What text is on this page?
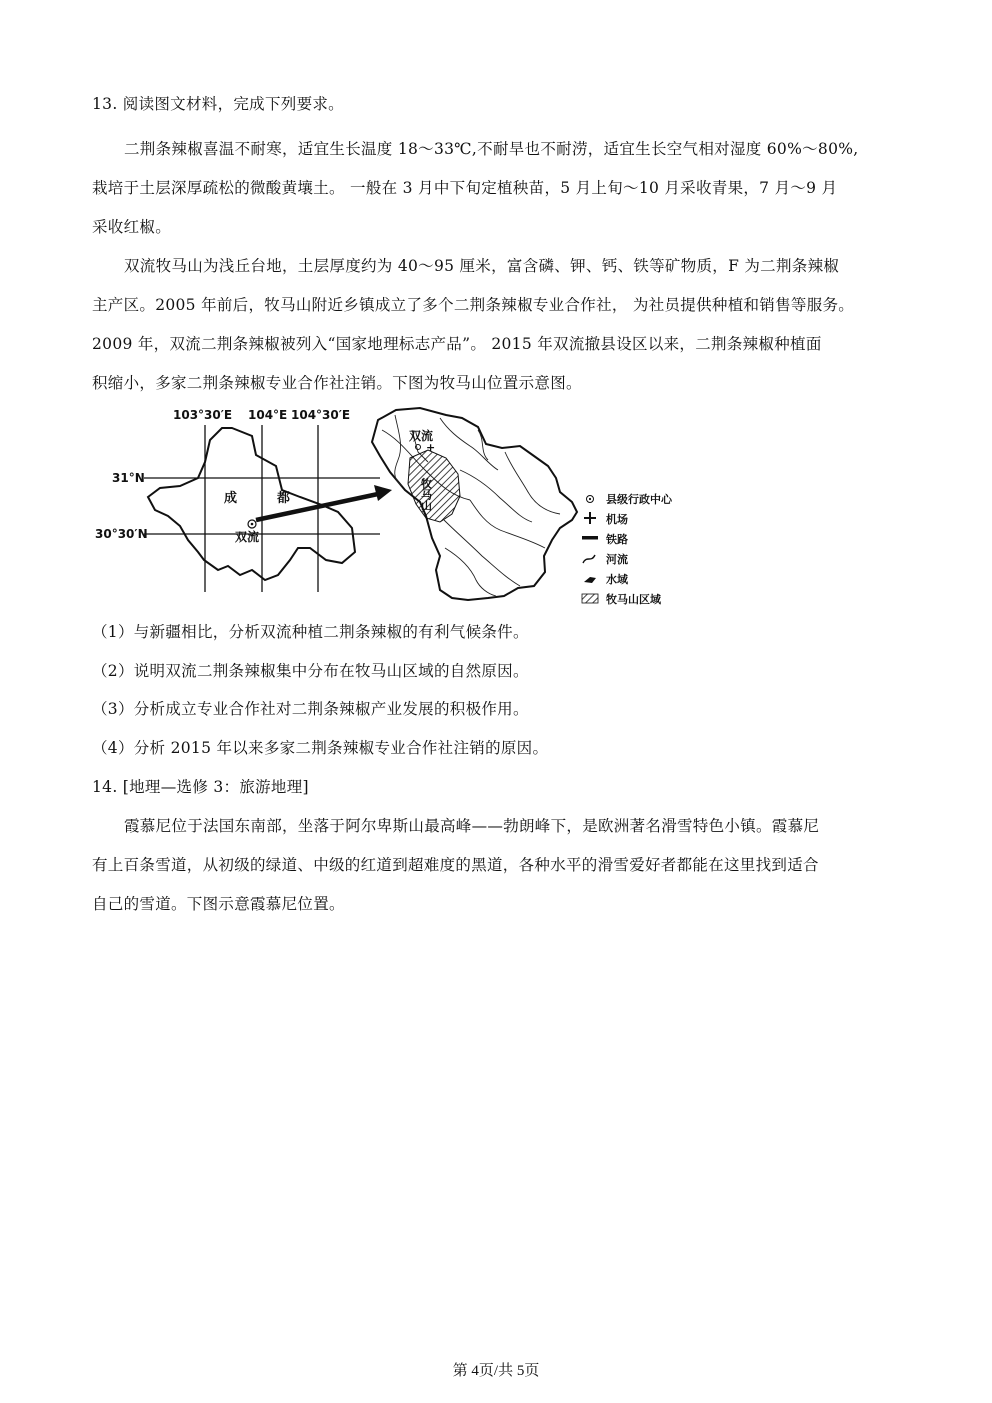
13. 阅读图文材料，完成下列要求。
二荆条辣椒喜温不耐寒，适宜生长温度 18～33℃,不耐旱也不耐涝，适宜生长空气相对湿度 60%～80%,
栽培于土层深厚疏松的微酸黄壤土。 一般在 3 月中下旬定植秧苗，5 月上旬～10 月采收青果，7 月～9 月
采收红椒。
双流牧马山为浅丘台地，土层厚度约为 40～95 厘米，富含磷、钾、钙、铁等矿物质，F 为二荆条辣椒
主产区。2005 年前后，牧马山附近乡镇成立了多个二荆条辣椒专业合作社， 为社员提供种植和销售等服务。
2009 年，双流二荆条辣椒被列入“国家地理标志产品”。 2015 年双流撤县设区以来，二荆条辣椒种植面
积缩小，多家二荆条辣椒专业合作社注销。下图为牧马山位置示意图。
103°30′E 104°E 104°30′E
31°N
30°30′N
成	都
双流
双流
+
牧马山	县级行政中心
机场
铁路
河流
水域
牧马山区域
（1）与新疆相比，分析双流种植二荆条辣椒的有利气候条件。
（2）说明双流二荆条辣椒集中分布在牧马山区域的自然原因。
（3）分析成立专业合作社对二荆条辣椒产业发展的积极作用。
（4）分析 2015 年以来多家二荆条辣椒专业合作社注销的原因。
14. [地理—选修 3：旅游地理]
霞慕尼位于法国东南部，坐落于阿尔卑斯山最高峰——勃朗峰下，是欧洲著名滑雪特色小镇。霞慕尼
有上百条雪道，从初级的绿道、中级的红道到超难度的黑道，各种水平的滑雪爱好者都能在这里找到适合
自己的雪道。下图示意霞慕尼位置。
第 4页/共 5页
